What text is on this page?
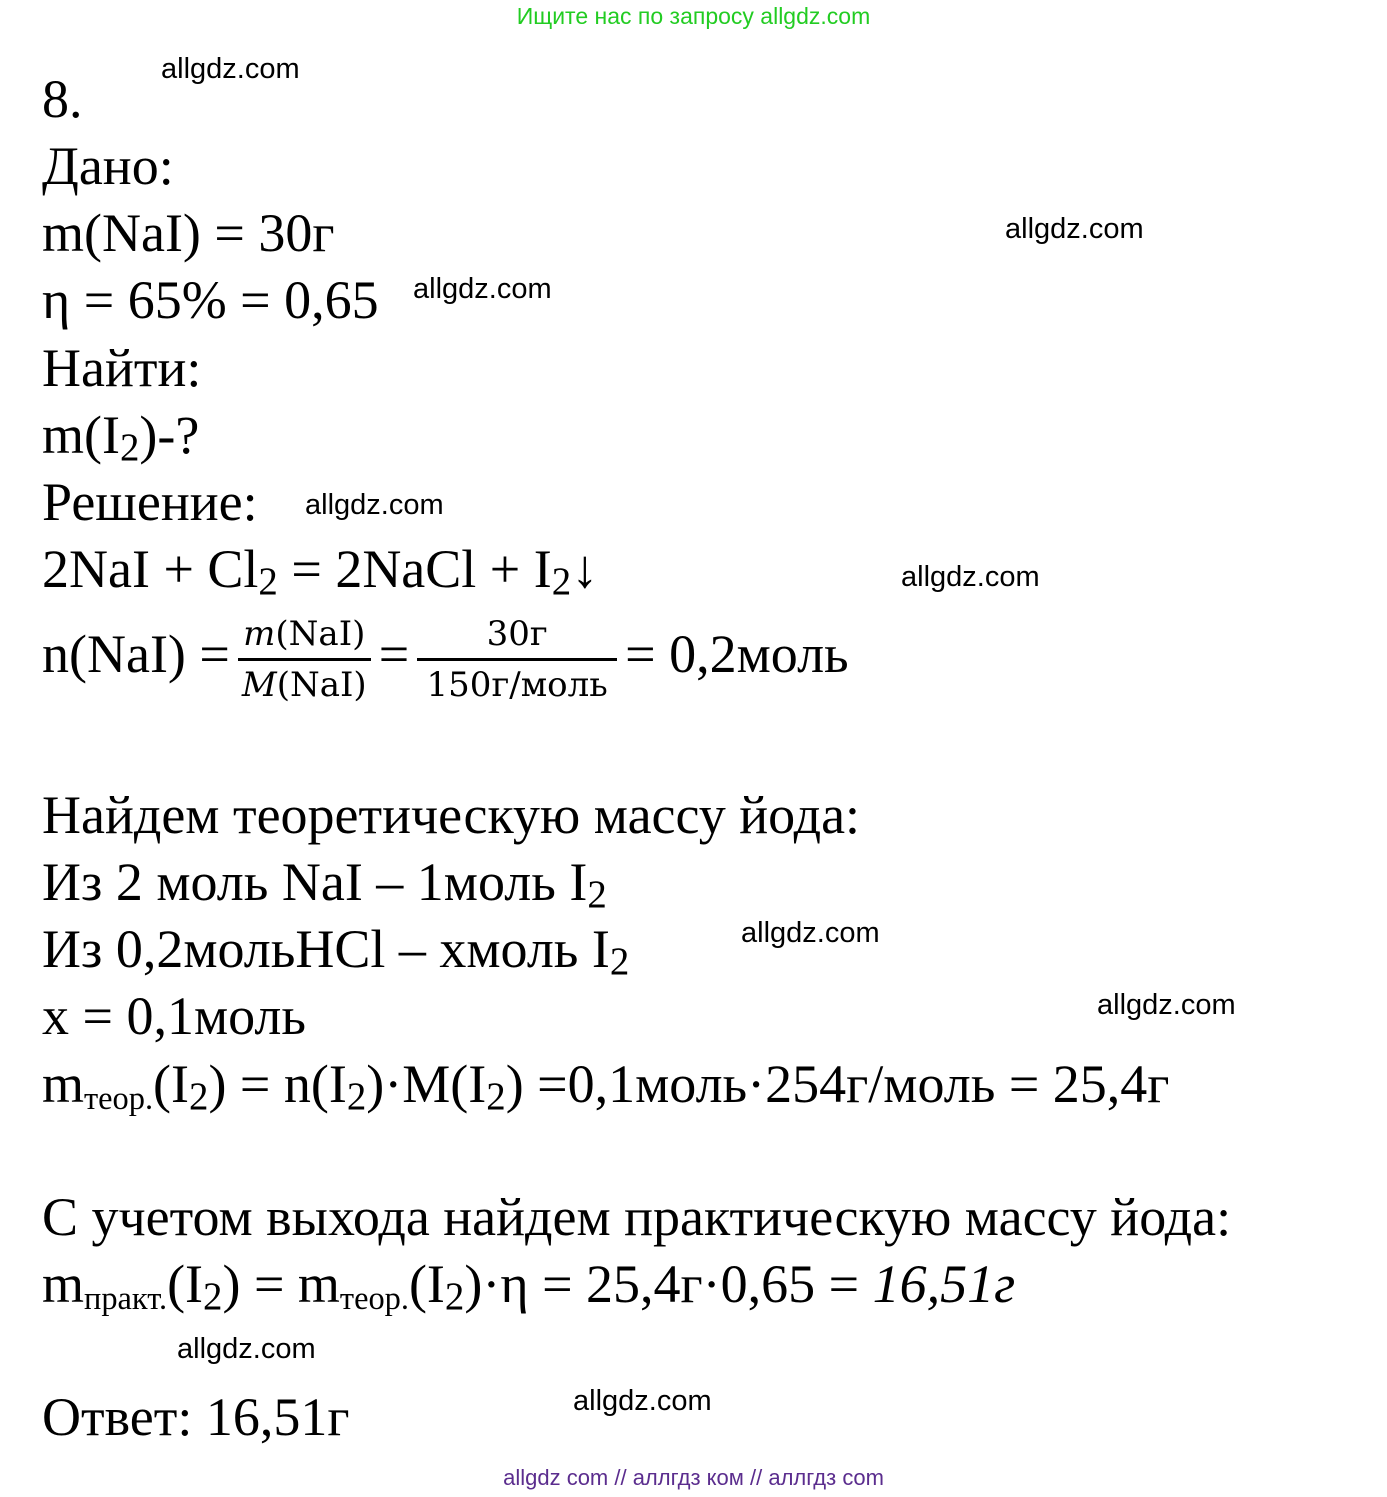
Ищите нас по запросу allgdz.com
allgdz.com
allgdz.com
allgdz.com
allgdz.com
allgdz.com
allgdz.com
allgdz.com
allgdz.com
allgdz.com
8.
Дано:
m(NaI) = 30г
η = 65% = 0,65
Найти:
$m(I_2)-$?
Решение:
$2NaI + Cl_2$ = 2NaCl + $I_2↓$
$n(NaI) = \frac{\text{m(NaI)}}{\text{M(NaI)}} = \frac{30г}{\text{150г/моль}}$ = 0,2моль
Найдем теоретическую массу йода:
Из 2 моль NaI – 1моль $I_2$
Из 0,2мольHCl – хмоль $I_2$
x = 0,1моль
$mтеор.(I_2) = n(I_2)\cdot M(I_2)$ =0,1моль·254г/моль = 25,4г
С учетом выхода найдем практическую массу йода:
$mпракт.(I_2)$ = $mтеор.(I_2)\cdot\eta = 25,4г\cdot 0,65 = 16,51г$
Ответ: 16,51г
allgdz com // аллгдз ком // аллгдз com
